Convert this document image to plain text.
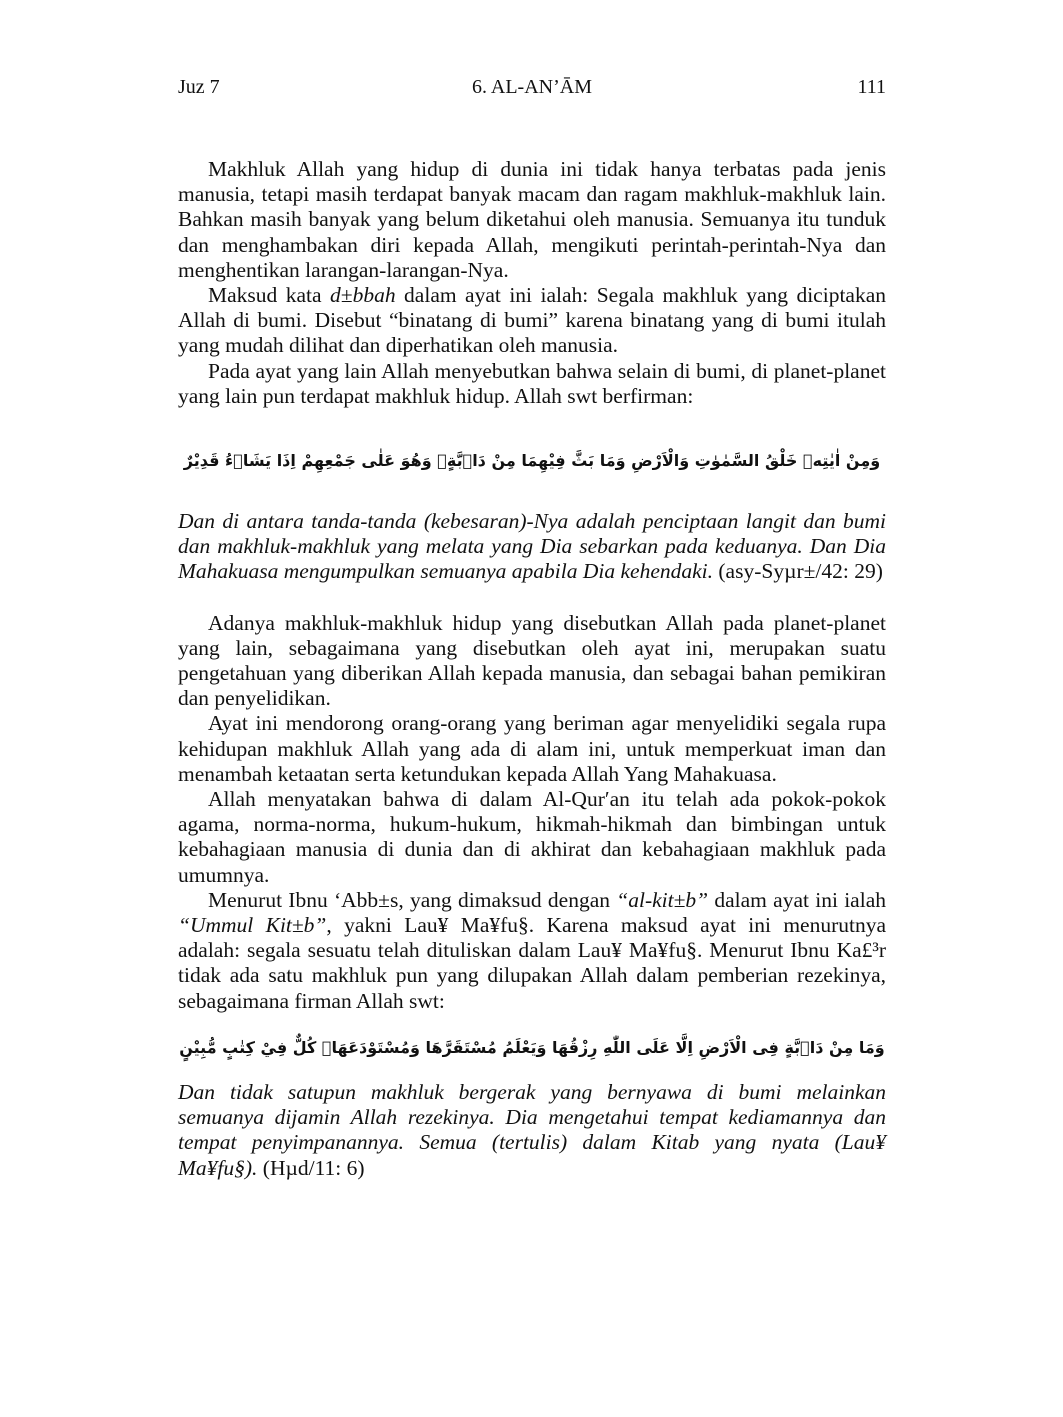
Juz 7	6. AL-AN’ĀM	111

Makhluk Allah yang hidup di dunia ini tidak hanya terbatas pada jenis manusia, tetapi masih terdapat banyak macam dan ragam makhluk-makhluk lain. Bahkan masih banyak yang belum diketahui oleh manusia. Semuanya itu tunduk dan menghambakan diri kepada Allah, mengikuti perintah-perintah-Nya dan menghentikan larangan-larangan-Nya.

Maksud kata d±bbah dalam ayat ini ialah: Segala makhluk yang diciptakan Allah di bumi. Disebut “binatang di bumi” karena binatang yang di bumi itulah yang mudah dilihat dan diperhatikan oleh manusia.

Pada ayat yang lain Allah menyebutkan bahwa selain di bumi, di planet-planet yang lain pun terdapat makhluk hidup. Allah swt berfirman:

وَمِنْ اٰيٰتِهٖ خَلْقُ السَّمٰوٰتِ وَالْاَرْضِ وَمَا بَثَّ فِيْهِمَا مِنْ دَاۤبَّةٍۗ وَهُوَ عَلٰى جَمْعِهِمْ اِذَا يَشَاۤءُ قَدِيْرٌ

Dan di antara tanda-tanda (kebesaran)-Nya adalah penciptaan langit dan bumi dan makhluk-makhluk yang melata yang Dia sebarkan pada keduanya. Dan Dia Mahakuasa mengumpulkan semuanya apabila Dia kehendaki. (asy-Syµr±/42: 29)

Adanya makhluk-makhluk hidup yang disebutkan Allah pada planet-planet yang lain, sebagaimana yang disebutkan oleh ayat ini, merupakan suatu pengetahuan yang diberikan Allah kepada manusia, dan sebagai bahan pemikiran dan penyelidikan.

Ayat ini mendorong orang-orang yang beriman agar menyelidiki segala rupa kehidupan makhluk Allah yang ada di alam ini, untuk memperkuat iman dan menambah ketaatan serta ketundukan kepada Allah Yang Mahakuasa.

Allah menyatakan bahwa di dalam Al-Qur′an itu telah ada pokok-pokok agama, norma-norma, hukum-hukum, hikmah-hikmah dan bimbingan untuk kebahagiaan manusia di dunia dan di akhirat dan kebahagiaan makhluk pada umumnya.

Menurut Ibnu ‘Abb±s, yang dimaksud dengan “al-kit±b” dalam ayat ini ialah “Ummul Kit±b”, yakni Lau¥ Ma¥fu§. Karena maksud ayat ini menurutnya adalah: segala sesuatu telah dituliskan dalam Lau¥ Ma¥fu§. Menurut Ibnu Ka£³r tidak ada satu makhluk pun yang dilupakan Allah dalam pemberian rezekinya, sebagaimana firman Allah swt:

وَمَا مِنْ دَاۤبَّةٍ فِى الْاَرْضِ اِلَّا عَلَى اللّٰهِ رِزْقُهَا وَيَعْلَمُ مُسْتَقَرَّهَا وَمُسْتَوْدَعَهَاۗ كُلٌّ فِيْ كِتٰبٍ مُّبِيْنٍ

Dan tidak satupun makhluk bergerak yang bernyawa di bumi melainkan semuanya dijamin Allah rezekinya. Dia mengetahui tempat kediamannya dan tempat penyimpanannya. Semua (tertulis) dalam Kitab yang nyata (Lau¥ Ma¥fu§). (Hµd/11: 6)
